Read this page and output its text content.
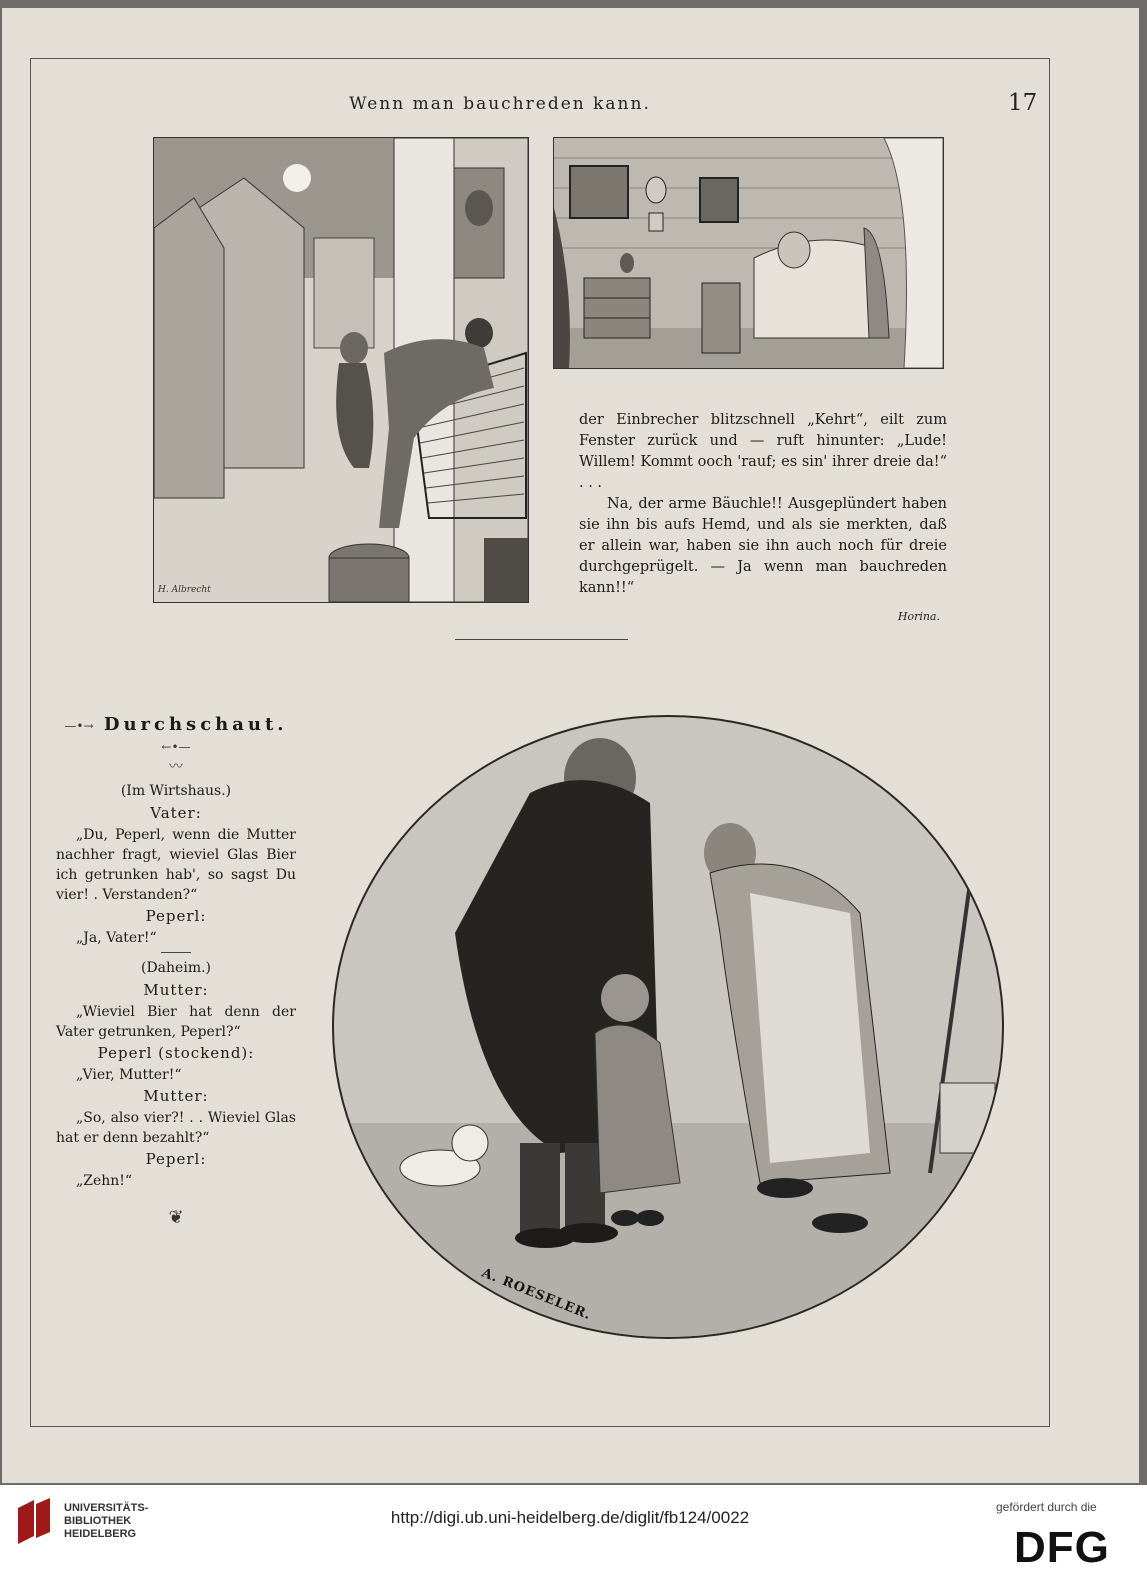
Wenn man bauchreden kann.	17
H. Albrecht

der Einbrecher blitzschnell „Kehrt“, eilt zum Fenster zurück und — ruft hinunter: „Lude! Willem! Kommt ooch 'rauf; es sin' ihrer dreie da!“ . . .

Na, der arme Bäuchle!! Ausgeplündert haben sie ihn bis aufs Hemd, und als sie merkten, daß er allein war, haben sie ihn auch noch für dreie durchgeprügelt. — Ja wenn man bauchreden kann!!“

Horina.
—•→ Durchschaut. ←•—
〰
(Im Wirtshaus.)
Vater:

„Du, Peperl, wenn die Mutter nachher fragt, wieviel Glas Bier ich getrunken hab', so sagst Du vier! . Verstanden?“

Peperl:

„Ja, Vater!“

(Daheim.)
Mutter:

„Wieviel Bier hat denn der Vater getrunken, Peperl?“

Peperl (stockend):

„Vier, Mutter!“

Mutter:

„So, also vier?! . . Wieviel Glas hat er denn bezahlt?“

Peperl:

„Zehn!“

❦
A. ROESELER.
UNIVERSITÄTS-
BIBLIOTHEK
HEIDELBERG
http://digi.ub.uni-heidelberg.de/diglit/fb124/0022
gefördert durch die
DFG
